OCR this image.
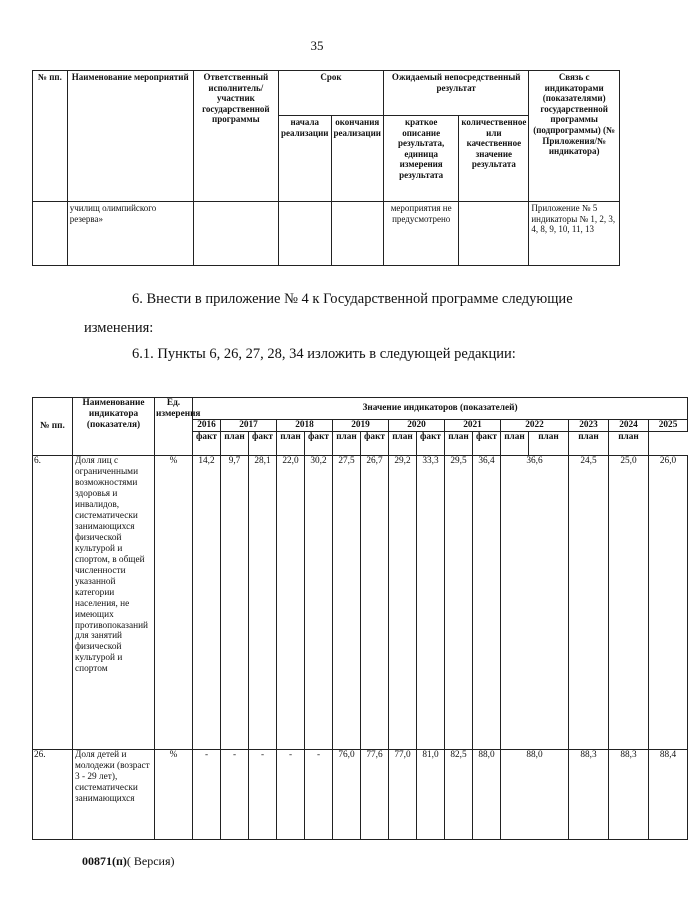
35
№ пп.	Наименование мероприятий	Ответственный исполнитель/участник государственной программы	Срок		Ожидаемый непосредственный результат		Связь с индикаторами (показателями) государственной программы (подпрограммы) (№ Приложения/№ индикатора)
			начала реализации	окончания реализации	краткое описание результата, единица измерения результата	количественное или качественное значение результата	
	училищ олимпийского резерва»				мероприятия не предусмотрено		Приложение № 5 индикаторы № 1, 2, 3, 4, 8, 9, 10, 11, 13
6. Внести в приложение № 4 к Государственной программе следующие
изменения:
6.1. Пункты 6, 26, 27, 28, 34 изложить в следующей редакции:
№ пп.	Наименование индикатора (показателя)	Ед. измерения	Значение индикаторов (показателей)															
			2016	2017		2018		2019		2020		2021		2022		2023	2024	2025
			факт	план	факт	план	факт	план	факт	план	факт	план	факт	план	план	план	план
6.	Доля лиц с ограниченными возможностями здоровья и инвалидов, систематически занимающихся физической культурой и спортом, в общей численности указанной категории населения, не имеющих противопоказаний для занятий физической культурой и спортом	%	14,2	9,7	28,1	22,0	30,2	27,5	26,7	29,2	33,3	29,5	36,4	36,6		24,5	25,0	26,0
26.	Доля детей и молодежи (возраст 3 - 29 лет), систематически занимающихся	%	-	-	-	-	-	76,0	77,6	77,0	81,0	82,5	88,0	88,0		88,3	88,3	88,4
00871(п)( Версия)
